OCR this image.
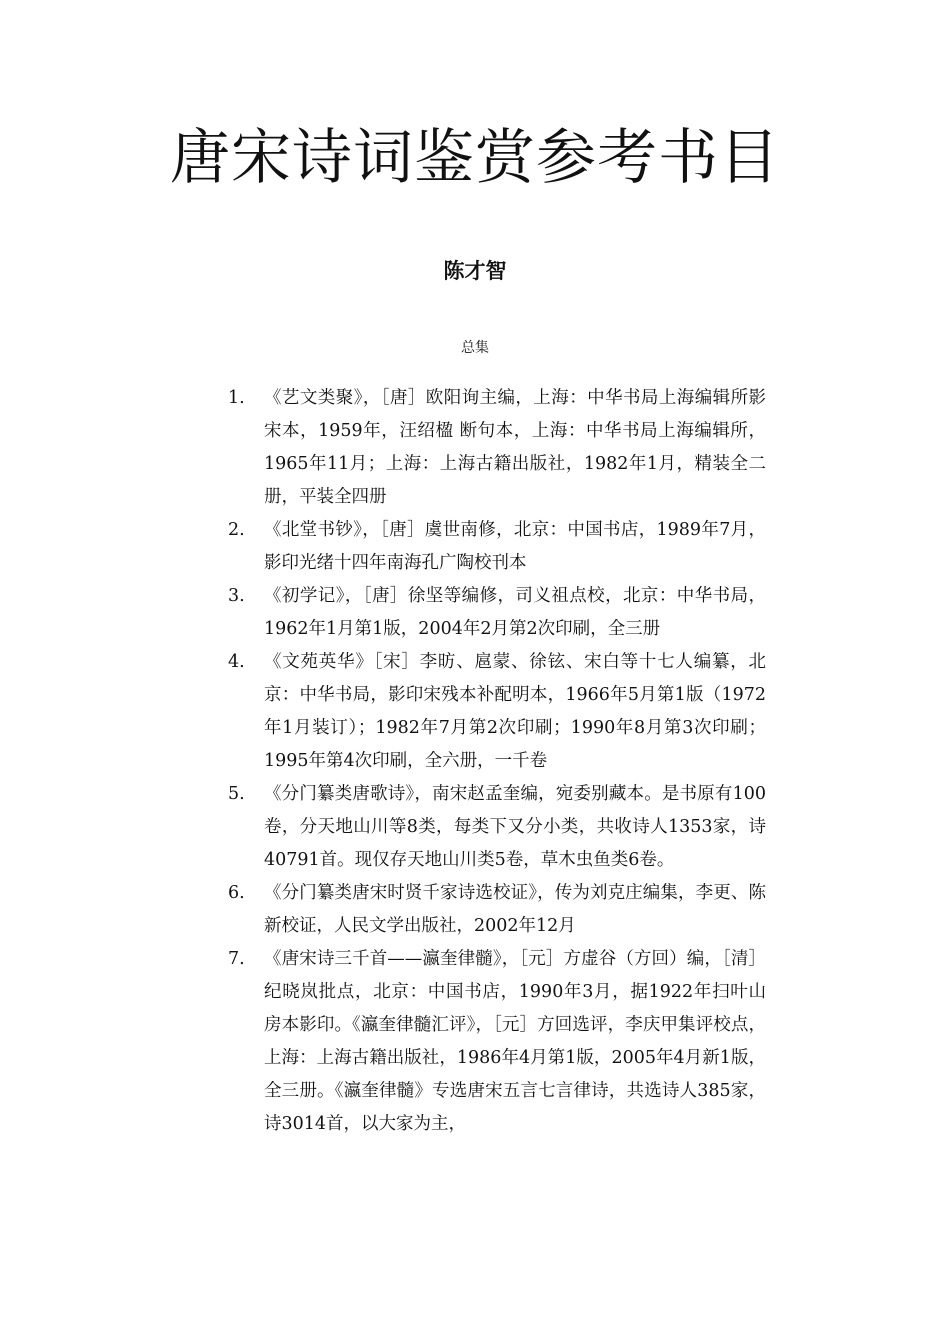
唐宋诗词鉴赏参考书目
陈才智
总集
1. 《艺文类聚》，［唐］欧阳询主编，上海：中华书局上海编辑所影宋本，1959年，汪绍楹 断句本，上海：中华书局上海编辑所，1965年11月；上海：上海古籍出版社，1982年1月，精装全二册，平装全四册
2. 《北堂书钞》，［唐］虞世南修，北京：中国书店，1989年7月，影印光绪十四年南海孔广陶校刊本
3. 《初学记》，［唐］徐坚等编修，司义祖点校，北京：中华书局，1962年1月第1版，2004年2月第2次印刷，全三册
4. 《文苑英华》［宋］李昉、扈蒙、徐铉、宋白等十七人编纂，北京：中华书局，影印宋残本补配明本，1966年5月第1版（1972年1月装订）；1982年7月第2次印刷；1990年8月第3次印刷；1995年第4次印刷，全六册，一千卷
5. 《分门纂类唐歌诗》，南宋赵孟奎编，宛委别藏本。是书原有100卷，分天地山川等8类，每类下又分小类，共收诗人1353家，诗40791首。现仅存天地山川类5卷，草木虫鱼类6卷。
6. 《分门纂类唐宋时贤千家诗选校证》，传为刘克庄编集，李更、陈新校证，人民文学出版社，2002年12月
7. 《唐宋诗三千首——瀛奎律髓》，［元］方虚谷（方回）编，［清］纪晓岚批点，北京：中国书店，1990年3月，据1922年扫叶山房本影印。《瀛奎律髓汇评》，［元］方回选评，李庆甲集评校点，上海：上海古籍出版社，1986年4月第1版，2005年4月新1版，全三册。《瀛奎律髓》专选唐宋五言七言律诗，共选诗人385家，诗3014首，以大家为主，
